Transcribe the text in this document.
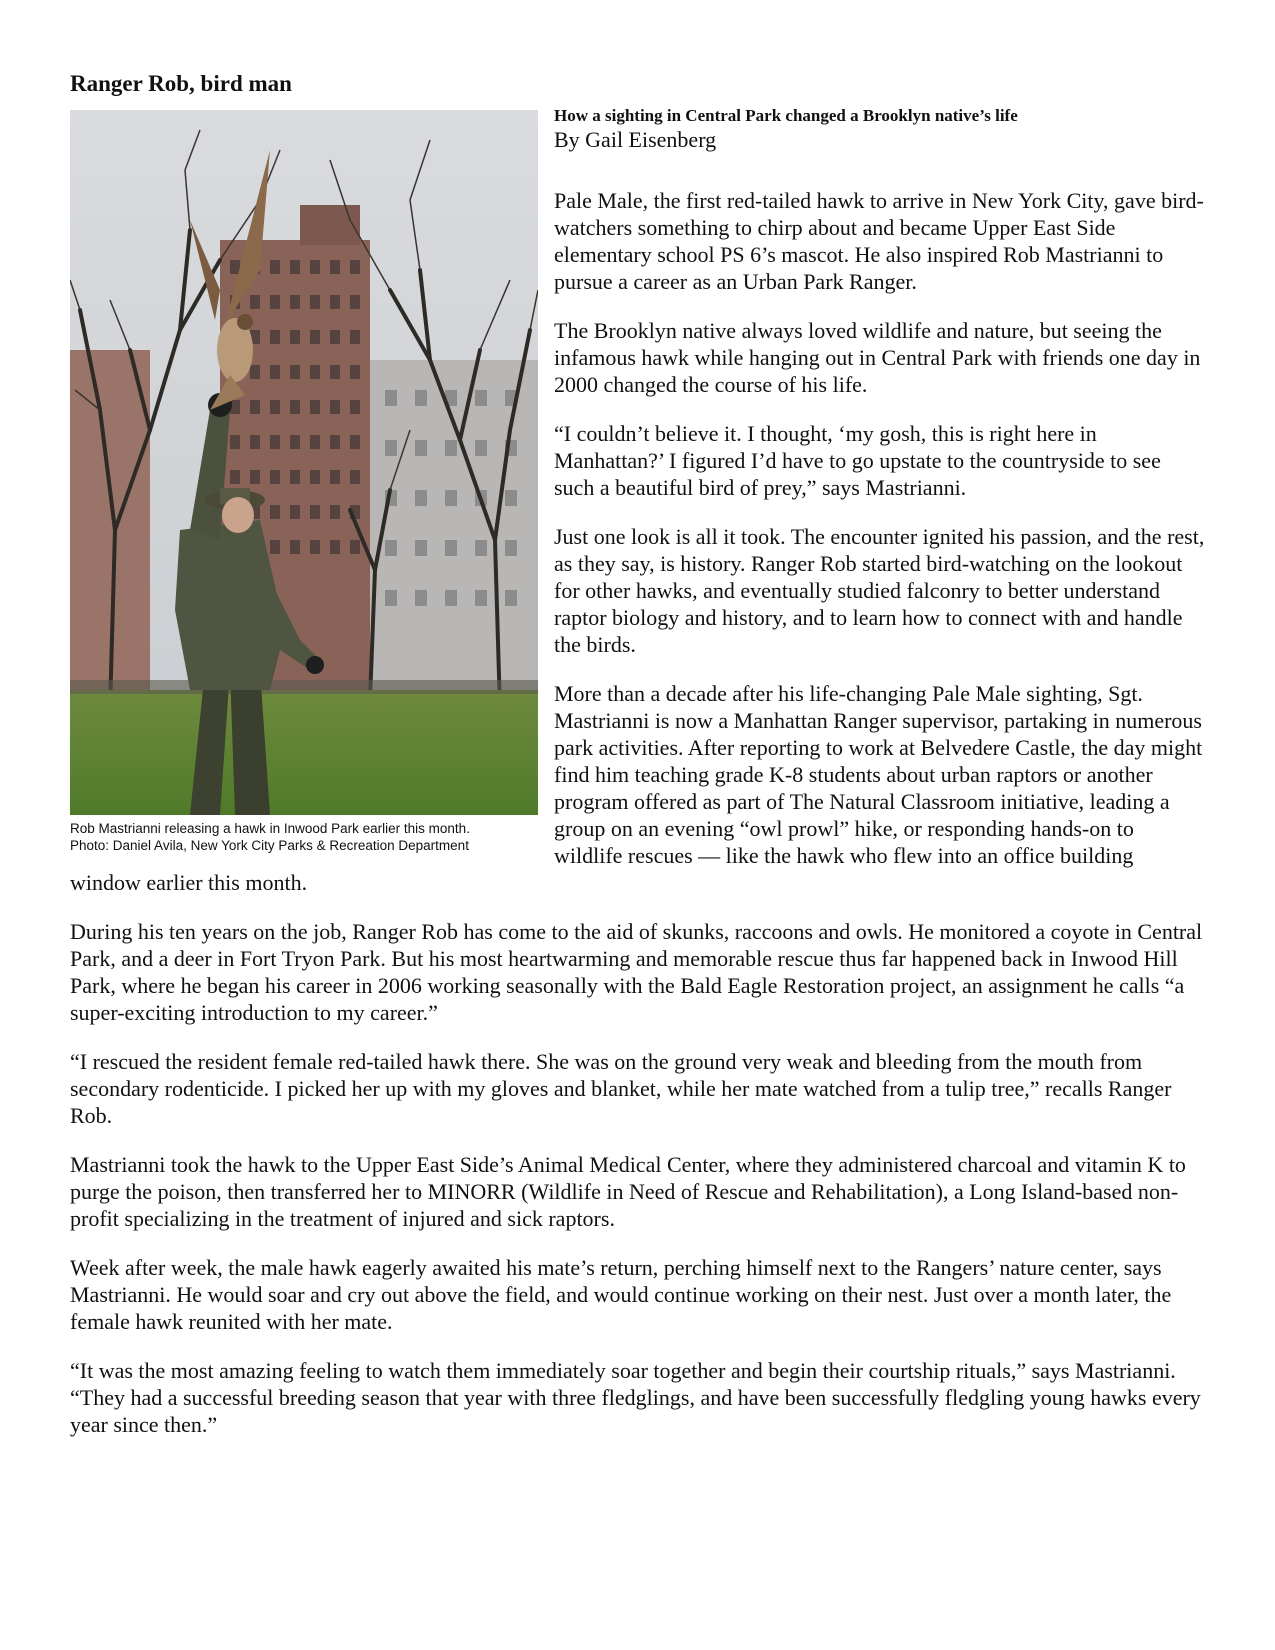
Ranger Rob, bird man
Rob Mastrianni releasing a hawk in Inwood Park earlier this month.
Photo: Daniel Avila, New York City Parks & Recreation Department

How a sighting in Central Park changed a Brooklyn native’s life

By Gail Eisenberg

Pale Male, the first red-tailed hawk to arrive in New York City, gave bird-watchers something to chirp about and became Upper East Side elementary school PS 6’s mascot. He also inspired Rob Mastrianni to pursue a career as an Urban Park Ranger.

The Brooklyn native always loved wildlife and nature, but seeing the infamous hawk while hanging out in Central Park with friends one day in 2000 changed the course of his life.

“I couldn’t believe it. I thought, ‘my gosh, this is right here in Manhattan?’ I figured I’d have to go upstate to the countryside to see such a beautiful bird of prey,” says Mastrianni.

Just one look is all it took. The encounter ignited his passion, and the rest, as they say, is history. Ranger Rob started bird-watching on the lookout for other hawks, and eventually studied falconry to better understand raptor biology and history, and to learn how to connect with and handle the birds.

More than a decade after his life-changing Pale Male sighting, Sgt. Mastrianni is now a Manhattan Ranger supervisor, partaking in numerous park activities. After reporting to work at Belvedere Castle, the day might find him teaching grade K-8 students about urban raptors or another program offered as part of The Natural Classroom initiative, leading a group on an evening “owl prowl” hike, or responding hands-on to wildlife rescues — like the hawk who flew into an office building window earlier this month.

During his ten years on the job, Ranger Rob has come to the aid of skunks, raccoons and owls. He monitored a coyote in Central Park, and a deer in Fort Tryon Park. But his most heartwarming and memorable rescue thus far happened back in Inwood Hill Park, where he began his career in 2006 working seasonally with the Bald Eagle Restoration project, an assignment he calls “a super-exciting introduction to my career.”

“I rescued the resident female red-tailed hawk there. She was on the ground very weak and bleeding from the mouth from secondary rodenticide. I picked her up with my gloves and blanket, while her mate watched from a tulip tree,” recalls Ranger Rob.

Mastrianni took the hawk to the Upper East Side’s Animal Medical Center, where they administered charcoal and vitamin K to purge the poison, then transferred her to MINORR (Wildlife in Need of Rescue and Rehabilitation), a Long Island-based non-profit specializing in the treatment of injured and sick raptors.

Week after week, the male hawk eagerly awaited his mate’s return, perching himself next to the Rangers’ nature center, says Mastrianni. He would soar and cry out above the field, and would continue working on their nest. Just over a month later, the female hawk reunited with her mate.

“It was the most amazing feeling to watch them immediately soar together and begin their courtship rituals,” says Mastrianni. “They had a successful breeding season that year with three fledglings, and have been successfully fledgling young hawks every year since then.”
